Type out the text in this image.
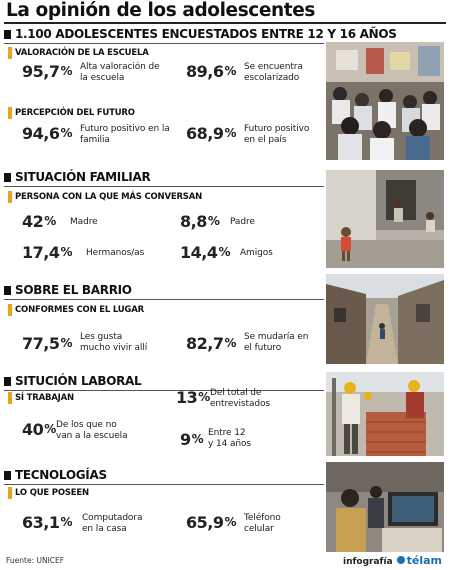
La opinión de los adolescentes
1.100 ADOLESCENTES ENCUESTADOS ENTRE 12 Y 16 AÑOS
VALORACIÓN DE LA ESCUELA
95,7% Alta valoración de la escuela	89,6% Se encuentra escolarizado
PERCEPCIÓN DEL FUTURO
94,6% Futuro positivo en la familia	68,9% Futuro positivo en el país
SITUACIÓN FAMILIAR
PERSONA CON LA QUE MÁS CONVERSAN
42% Madre	8,8% Padre
17,4% Hermanos/as 14,4% Amigos
SOBRE EL BARRIO
CONFORMES CON EL LUGAR
77,5% Les gusta mucho vivir allí	82,7% Se mudaría en el futuro
SITUCIÓN LABORAL
SÍ TRABAJAN	13% Del total de entrevistados
40% De los que no van a la escuela	9% Entre 12 y 14 años
TECNOLOGÍAS
LO QUE POSEEN
63,1% Computadora en la casa	65,9% Teléfono celular
Fuente: UNICEF	infografía télam
